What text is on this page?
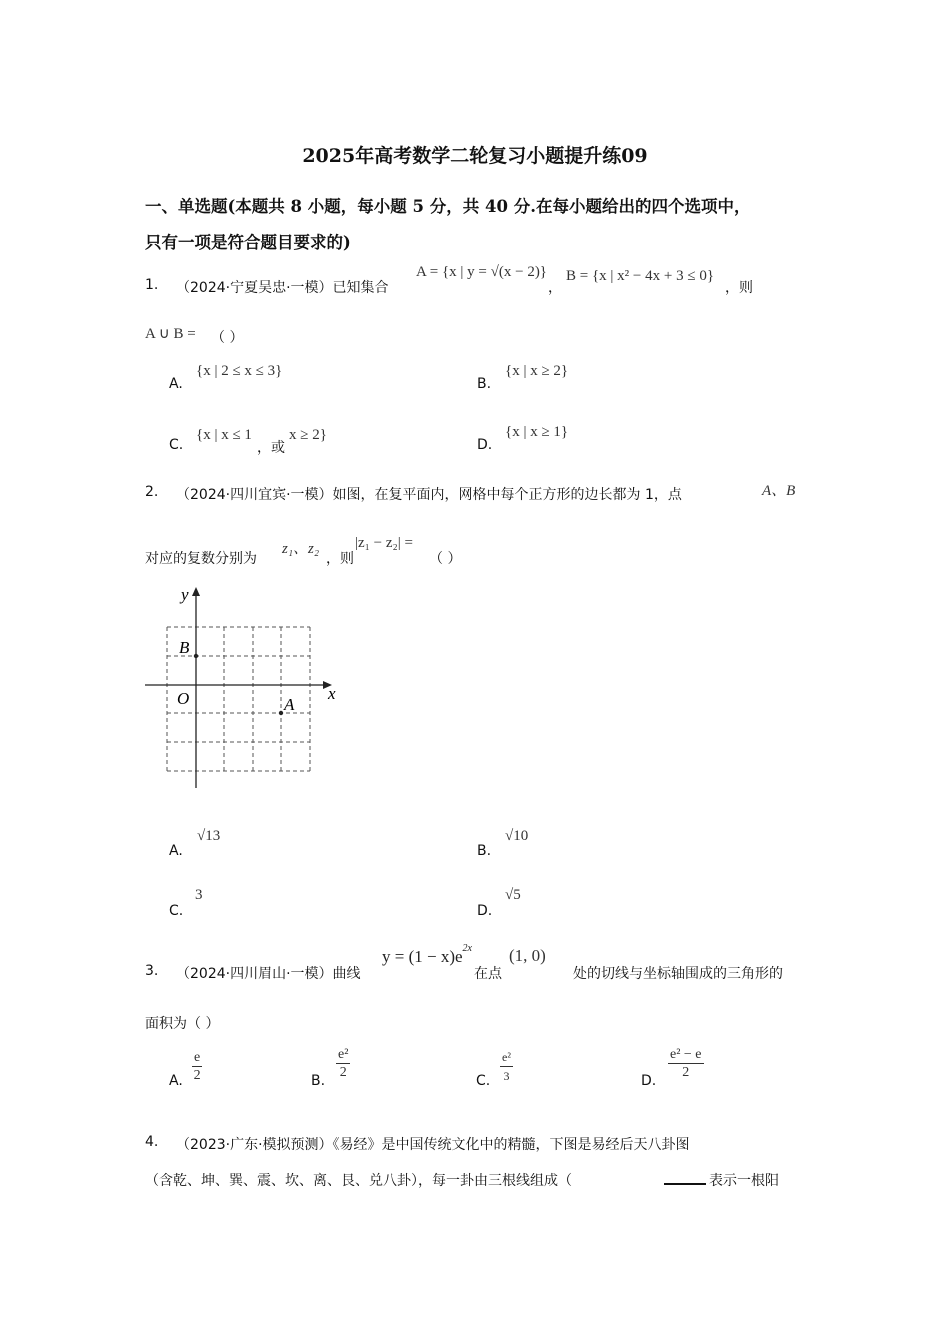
2025年高考数学二轮复习小题提升练09
一、单选题(本题共 8 小题，每小题 5 分，共 40 分.在每小题给出的四个选项中，
只有一项是符合题目要求的)
1. （2024·宁夏吴忠·一模）已知集合
A = {x | y = √(x − 2)}
，
B = {x | x² − 4x + 3 ≤ 0}
，则
A ∪ B = （ ）
A.
{x | 2 ≤ x ≤ 3}
B.
{x | x ≥ 2}
C.
{x | x ≤ 1
，或
x ≥ 2}
D.
{x | x ≥ 1}
2. （2024·四川宜宾·一模）如图，在复平面内，网格中每个正方形的边长都为 1，点	A、B
对应的复数分别为
z₁、z₂
，则
|z₁ − z₂| =
（ ）
y
x
O
B
A
A.
√13
B.
√10
C.
3
D.
√5
3. （2024·四川眉山·一模）曲线
$y = (1 - x)e^{2x}$
在点
(1, 0)
处的切线与坐标轴围成的三角形的
面积为（ ）
A.
e
2	B.
e²
2
C.
e²
3	D.
e² − e
2
4. （2023·广东·模拟预测）《易经》是中国传统文化中的精髓，下图是易经后天八卦图
（含乾、坤、巽、震、坎、离、艮、兑八卦），每一卦由三根线组成（	表示一根阳
